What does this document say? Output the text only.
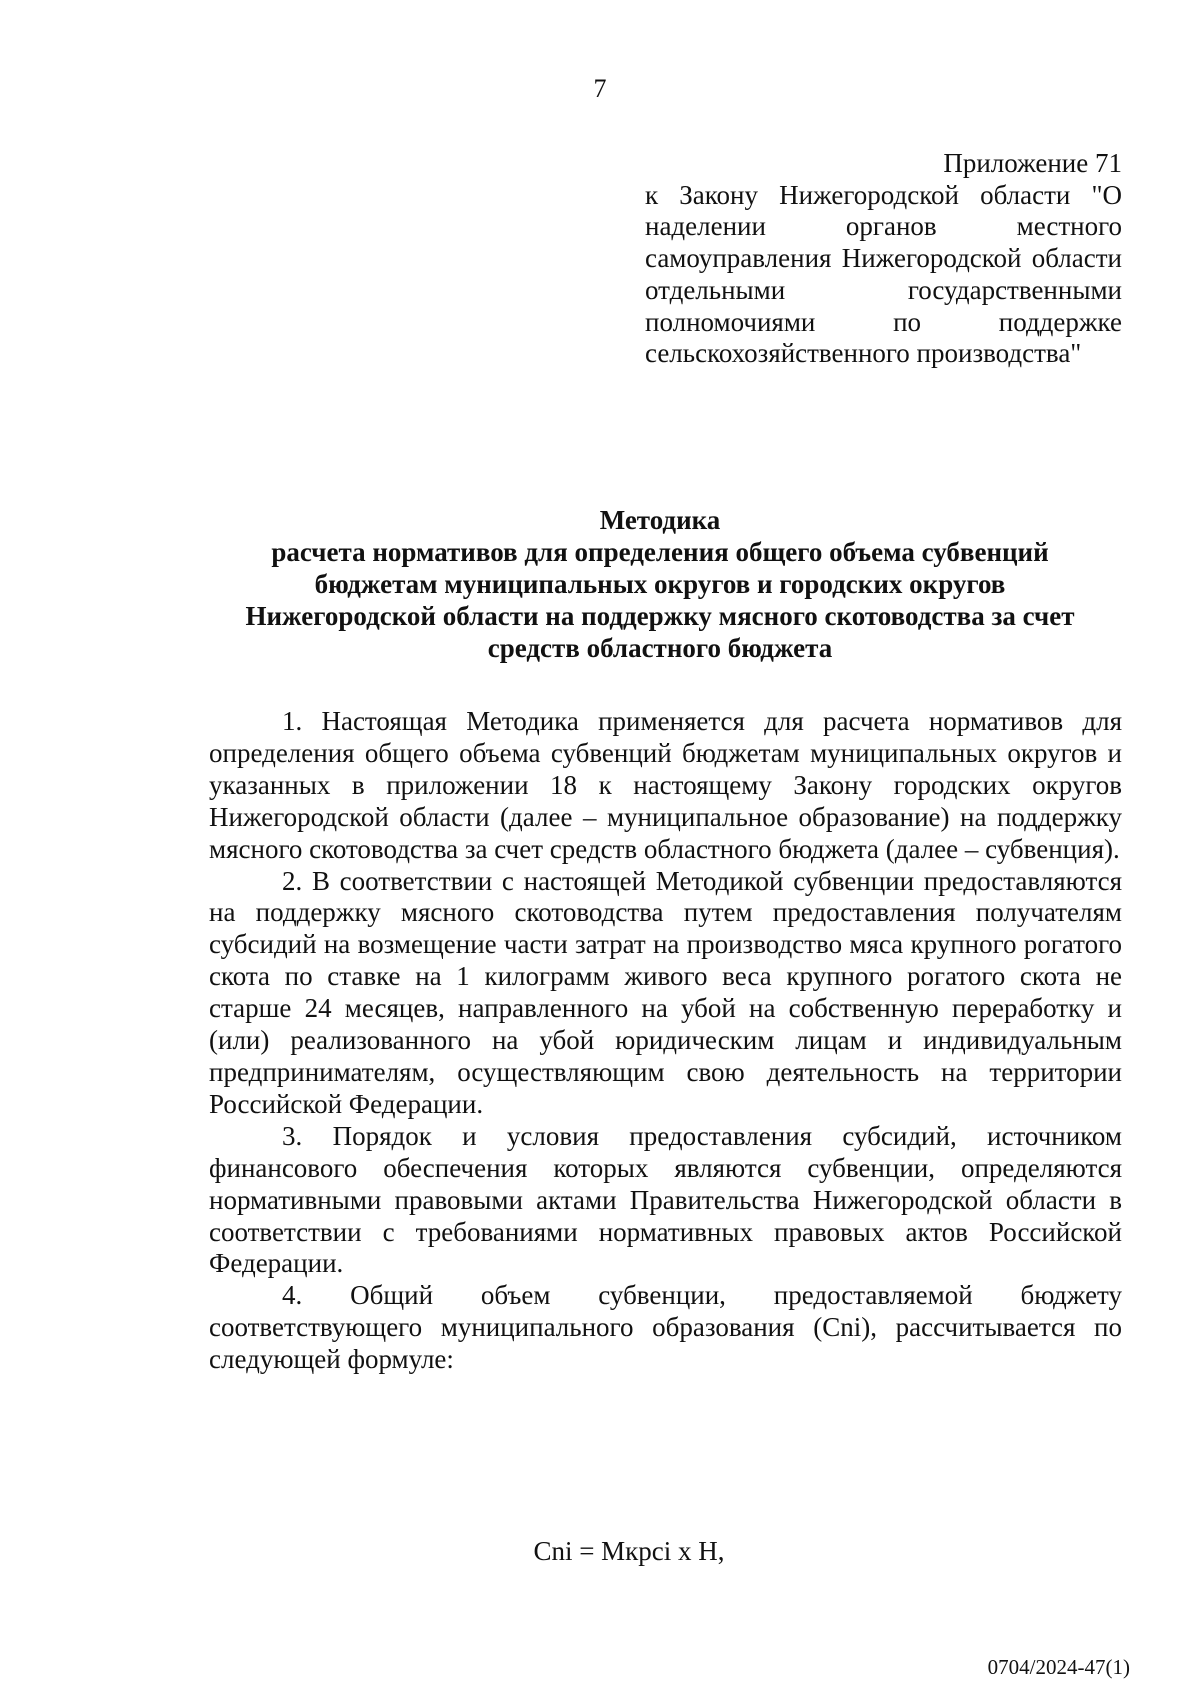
7
Приложение 71
к Закону Нижегородской области "О наделении органов местного самоуправления Нижегородской области отдельными государственными полномочиями по поддержке сельскохозяйственного производства"

Методика

расчета нормативов для определения общего объема субвенций

бюджетам муниципальных округов и городских округов

Нижегородской области на поддержку мясного скотоводства за счет

средств областного бюджета

1. Настоящая Методика применяется для расчета нормативов для определения общего объема субвенций бюджетам муниципальных округов и указанных в приложении 18 к настоящему Закону городских округов Нижегородской области (далее – муниципальное образование) на поддержку мясного скотоводства за счет средств областного бюджета (далее – субвенция).

2. В соответствии с настоящей Методикой субвенции предоставляются на поддержку мясного скотоводства путем предоставления получателям субсидий на возмещение части затрат на производство мяса крупного рогатого скота по ставке на 1 килограмм живого веса крупного рогатого скота не старше 24 месяцев, направленного на убой на собственную переработку и (или) реализованного на убой юридическим лицам и индивидуальным предпринимателям, осуществляющим свою деятельность на территории Российской Федерации.

3. Порядок и условия предоставления субсидий, источником финансового обеспечения которых являются субвенции, определяются нормативными правовыми актами Правительства Нижегородской области в соответствии с требованиями нормативных правовых актов Российской Федерации.

4. Общий объем субвенции, предоставляемой бюджету соответствующего муниципального образования (Cni), рассчитывается по следующей формуле:

Cni = Mкрсi x H,
0704/2024-47(1)
